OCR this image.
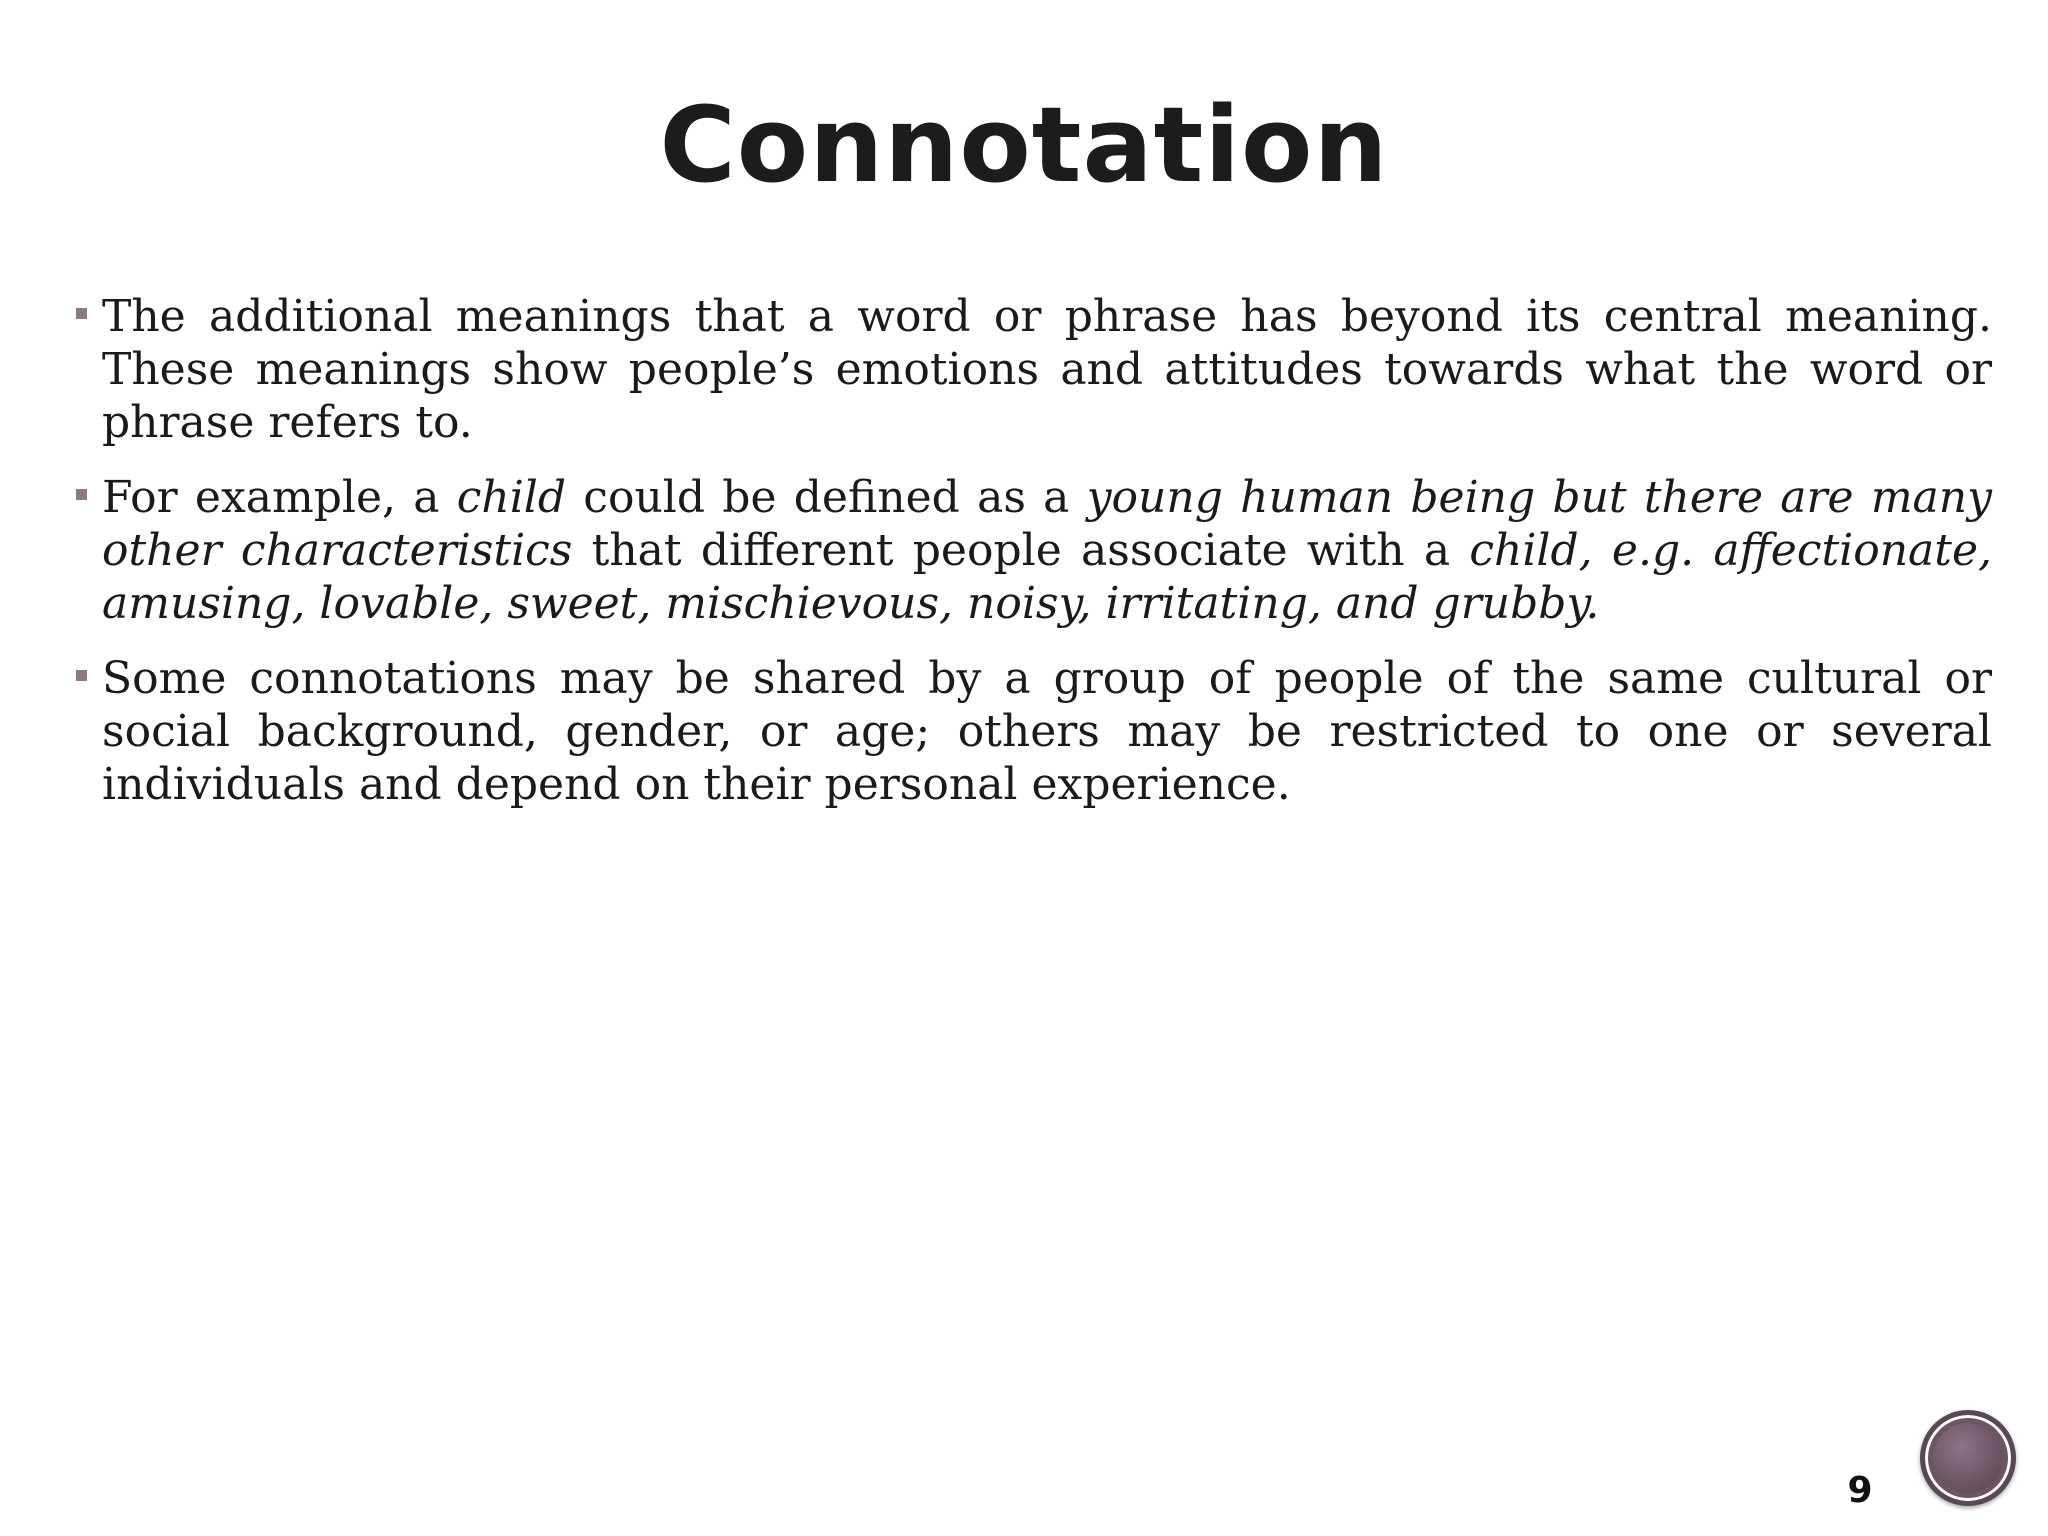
Connotation
The additional meanings that a word or phrase has beyond its central meaning. These meanings show people’s emotions and attitudes towards what the word or phrase refers to.
For example, a child could be defined as a young human being but there are many other characteristics that different people associate with a child, e.g. affectionate, amusing, lovable, sweet, mischievous, noisy, irritating, and grubby.
Some connotations may be shared by a group of people of the same cultural or social background, gender, or age; others may be restricted to one or several individuals and depend on their personal experience.
9
